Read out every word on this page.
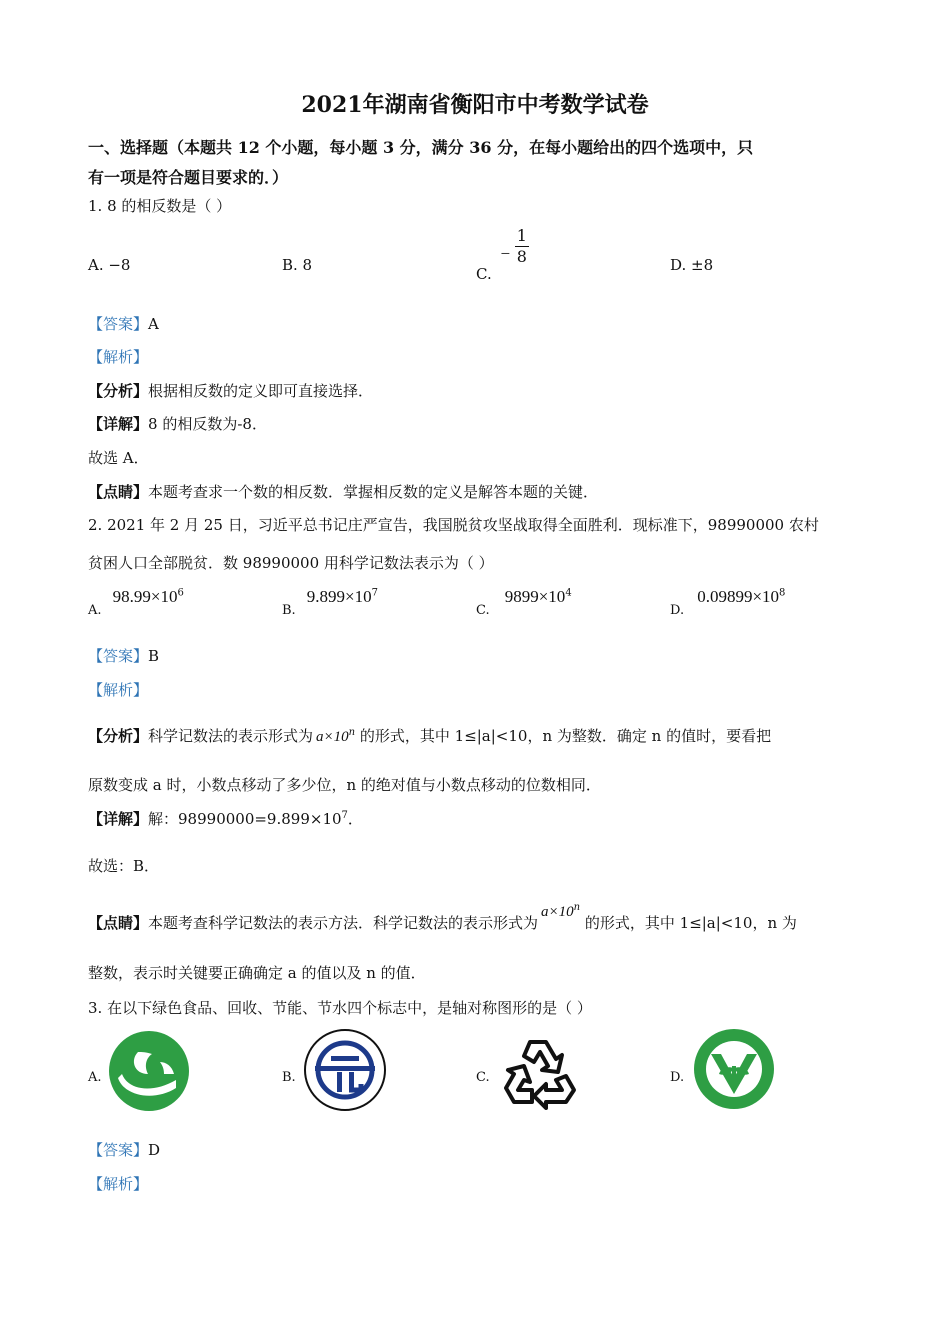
2021年湖南省衡阳市中考数学试卷
一、选择题（本题共 12 个小题，每小题 3 分，满分 36 分，在每小题给出的四个选项中，只
有一项是符合题目要求的．）
1. 8 的相反数是（ ）
A. −8	B. 8	C. − $\frac{1}{8}$	D. ±8
【答案】A
【解析】
【分析】根据相反数的定义即可直接选择．
【详解】8 的相反数为-8．
故选 A．
【点睛】本题考查求一个数的相反数．掌握相反数的定义是解答本题的关键．
2. 2021 年 2 月 25 日，习近平总书记庄严宣告，我国脱贫攻坚战取得全面胜利．现标准下，98990000 农村
贫困人口全部脱贫．数 98990000 用科学记数法表示为（ ）
$_{A.}$ $98.99\times 10^6$
$_{B.}$ $9.899\times 10^7$
$_{C.}$ $9899\times 10^4$
$_{D.}$ $0.09899\times 10^8$
【答案】B
【解析】
【分析】科学记数法的表示形式为 $a\times 10^n$ 的形式，其中 1≤|a|<10，n 为整数．确定 n 的值时，要看把
原数变成 a 时，小数点移动了多少位，n 的绝对值与小数点移动的位数相同．
【详解】解：$98990000=9.899\times 10^7$．
故选：B．
【点睛】本题考查科学记数法的表示方法．科学记数法的表示形式为$a\times 10^n$ 的形式，其中 1≤|a|<10，n 为
整数，表示时关键要正确确定 a 的值以及 n 的值．
3. 在以下绿色食品、回收、节能、节水四个标志中，是轴对称图形的是（ ）
A.	B.	C.	D.
【答案】D
【解析】
